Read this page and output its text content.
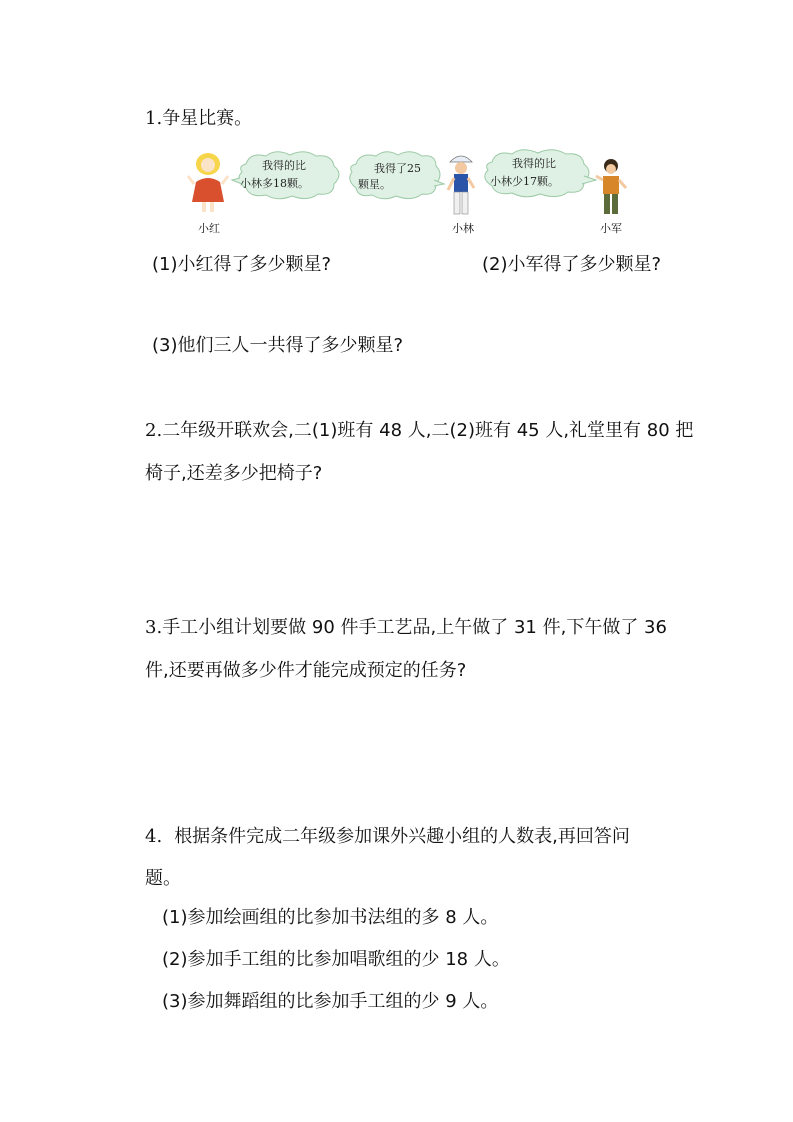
1.争星比赛。
我得的比
小林多18颗。
我得了25
颗星。
我得的比
小林少17颗。
小红	小林	小军
(1)小红得了多少颗星?	(2)小军得了多少颗星?
(3)他们三人一共得了多少颗星?
2.二年级开联欢会,二(1)班有 48 人,二(2)班有 45 人,礼堂里有 80 把
椅子,还差多少把椅子?
3.手工小组计划要做 90 件手工艺品,上午做了 31 件,下午做了 36
件,还要再做多少件才能完成预定的任务?
4. 根据条件完成二年级参加课外兴趣小组的人数表,再回答问
题。
(1)参加绘画组的比参加书法组的多 8 人。
(2)参加手工组的比参加唱歌组的少 18 人。
(3)参加舞蹈组的比参加手工组的少 9 人。
